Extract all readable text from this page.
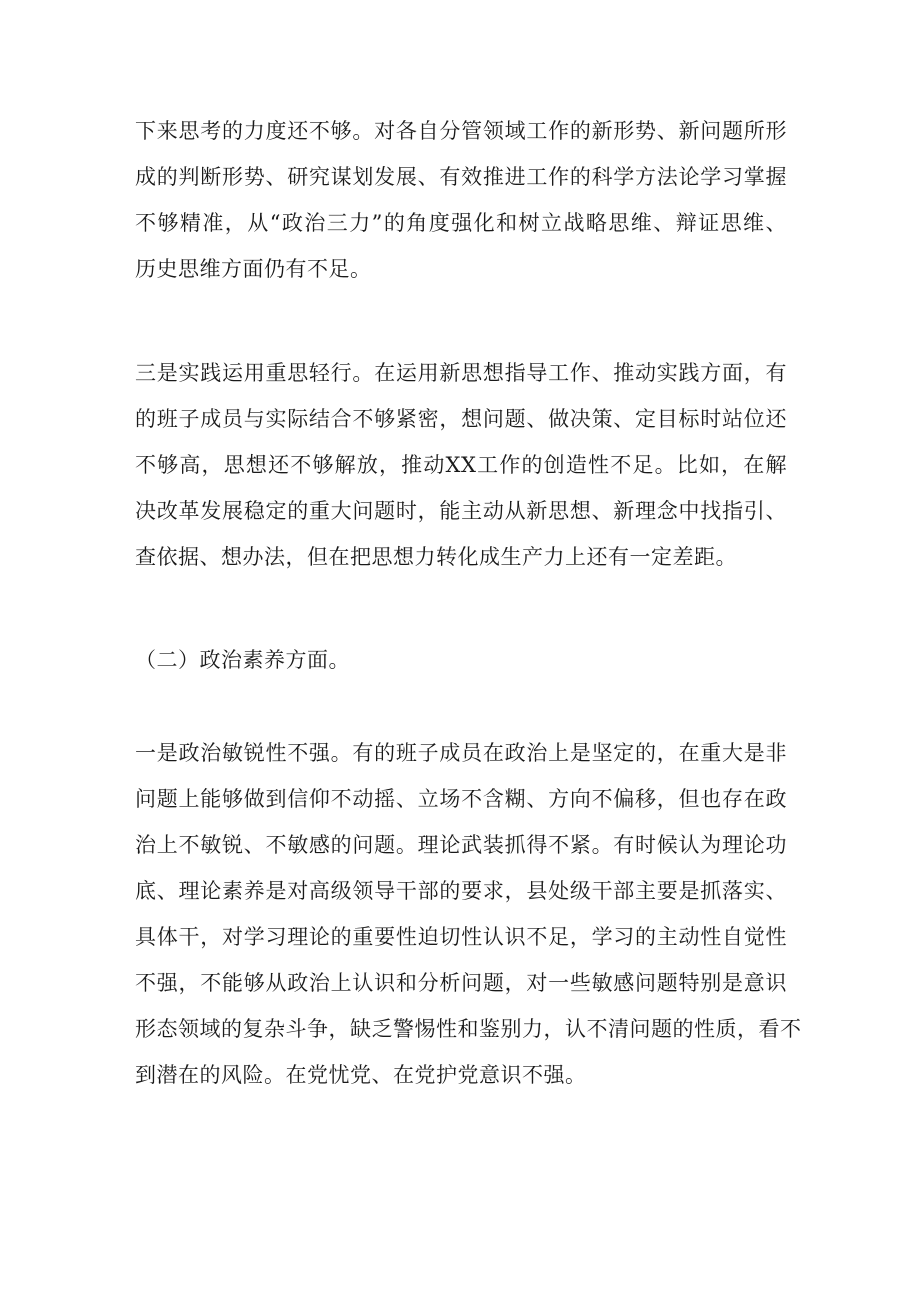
下来思考的力度还不够。对各自分管领域工作的新形势、新问题所形
成的判断形势、研究谋划发展、有效推进工作的科学方法论学习掌握
不够精准，从“政治三力”的角度强化和树立战略思维、辩证思维、
历史思维方面仍有不足。
三是实践运用重思轻行。在运用新思想指导工作、推动实践方面，有
的班子成员与实际结合不够紧密，想问题、做决策、定目标时站位还
不够高，思想还不够解放，推动XX工作的创造性不足。比如，在解
决改革发展稳定的重大问题时，能主动从新思想、新理念中找指引、
查依据、想办法，但在把思想力转化成生产力上还有一定差距。
（二）政治素养方面。
一是政治敏锐性不强。有的班子成员在政治上是坚定的，在重大是非
问题上能够做到信仰不动摇、立场不含糊、方向不偏移，但也存在政
治上不敏锐、不敏感的问题。理论武装抓得不紧。有时候认为理论功
底、理论素养是对高级领导干部的要求，县处级干部主要是抓落实、
具体干，对学习理论的重要性迫切性认识不足，学习的主动性自觉性
不强，不能够从政治上认识和分析问题，对一些敏感问题特别是意识
形态领域的复杂斗争，缺乏警惕性和鉴别力，认不清问题的性质，看不
到潜在的风险。在党忧党、在党护党意识不强。
